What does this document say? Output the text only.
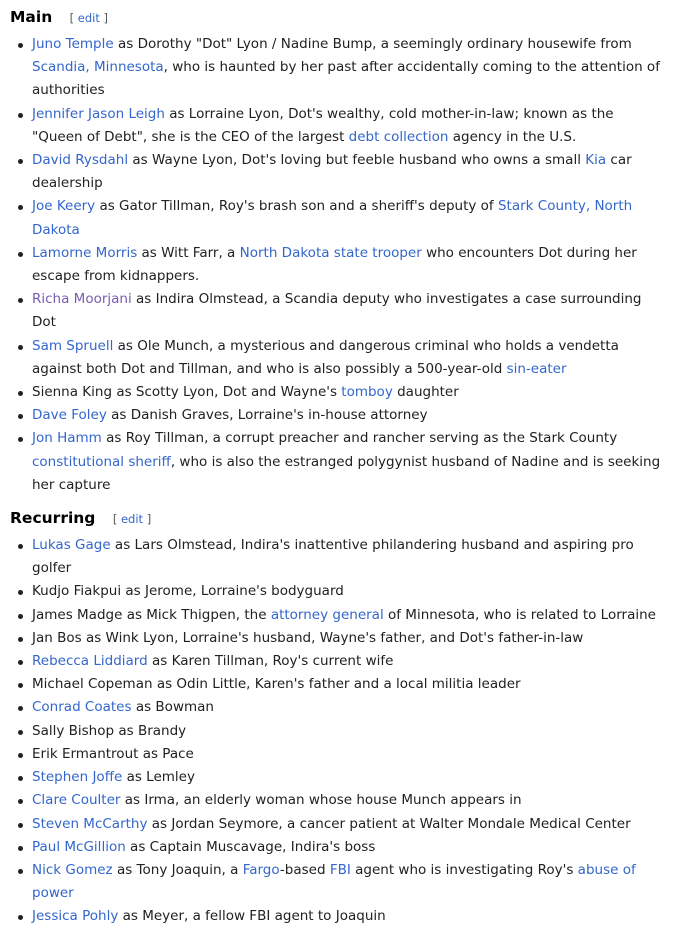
Main [ edit ]
Juno Temple as Dorothy "Dot" Lyon / Nadine Bump, a seemingly ordinary housewife from Scandia, Minnesota, who is haunted by her past after accidentally coming to the attention of authorities
Jennifer Jason Leigh as Lorraine Lyon, Dot's wealthy, cold mother-in-law; known as the "Queen of Debt", she is the CEO of the largest debt collection agency in the U.S.
David Rysdahl as Wayne Lyon, Dot's loving but feeble husband who owns a small Kia car dealership
Joe Keery as Gator Tillman, Roy's brash son and a sheriff's deputy of Stark County, North Dakota
Lamorne Morris as Witt Farr, a North Dakota state trooper who encounters Dot during her escape from kidnappers.
Richa Moorjani as Indira Olmstead, a Scandia deputy who investigates a case surrounding Dot
Sam Spruell as Ole Munch, a mysterious and dangerous criminal who holds a vendetta against both Dot and Tillman, and who is also possibly a 500-year-old sin-eater
Sienna King as Scotty Lyon, Dot and Wayne's tomboy daughter
Dave Foley as Danish Graves, Lorraine's in-house attorney
Jon Hamm as Roy Tillman, a corrupt preacher and rancher serving as the Stark County constitutional sheriff, who is also the estranged polygynist husband of Nadine and is seeking her capture
Recurring [ edit ]
Lukas Gage as Lars Olmstead, Indira's inattentive philandering husband and aspiring pro golfer
Kudjo Fiakpui as Jerome, Lorraine's bodyguard
James Madge as Mick Thigpen, the attorney general of Minnesota, who is related to Lorraine
Jan Bos as Wink Lyon, Lorraine's husband, Wayne's father, and Dot's father-in-law
Rebecca Liddiard as Karen Tillman, Roy's current wife
Michael Copeman as Odin Little, Karen's father and a local militia leader
Conrad Coates as Bowman
Sally Bishop as Brandy
Erik Ermantrout as Pace
Stephen Joffe as Lemley
Clare Coulter as Irma, an elderly woman whose house Munch appears in
Steven McCarthy as Jordan Seymore, a cancer patient at Walter Mondale Medical Center
Paul McGillion as Captain Muscavage, Indira's boss
Nick Gomez as Tony Joaquin, a Fargo-based FBI agent who is investigating Roy's abuse of power
Jessica Pohly as Meyer, a fellow FBI agent to Joaquin
